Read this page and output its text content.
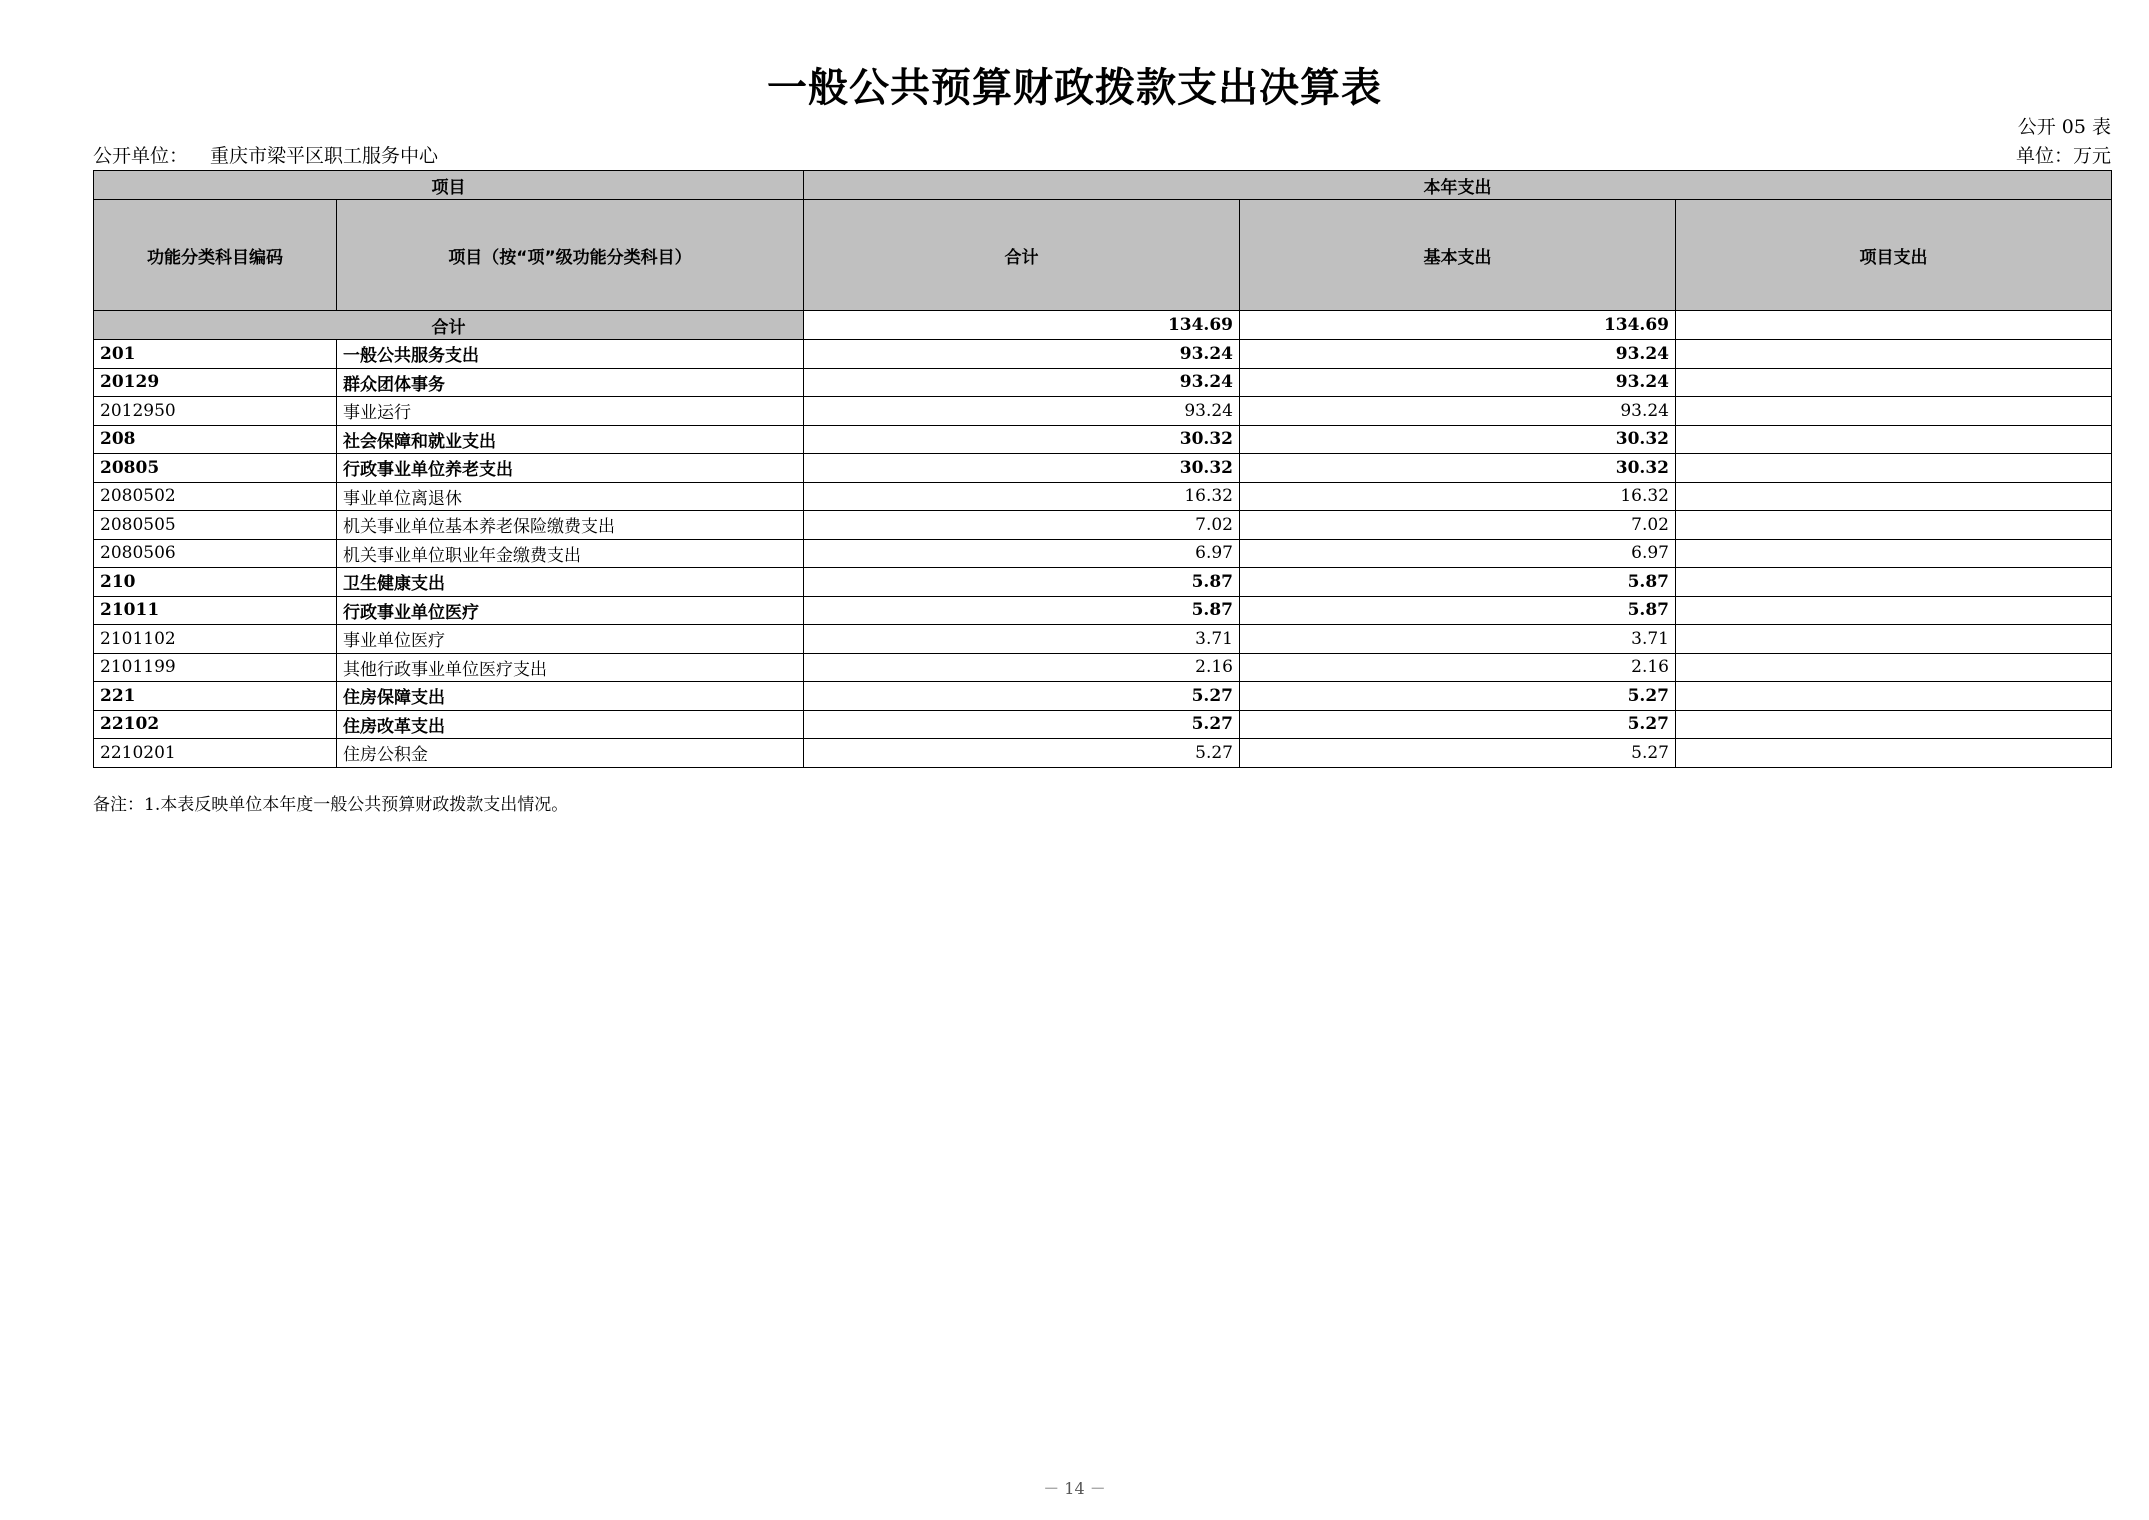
一般公共预算财政拨款支出决算表
公开 05 表
公开单位： 重庆市梁平区职工服务中心	单位：万元
项目		本年支出		
功能分类科目编码	项目（按“项”级功能分类科目）	合计	基本支出	项目支出
合计		134.69	134.69	
201	一般公共服务支出	93.24	93.24	
20129	群众团体事务	93.24	93.24	
2012950	事业运行	93.24	93.24	
208	社会保障和就业支出	30.32	30.32	
20805	行政事业单位养老支出	30.32	30.32	
2080502	事业单位离退休	16.32	16.32	
2080505	机关事业单位基本养老保险缴费支出	7.02	7.02	
2080506	机关事业单位职业年金缴费支出	6.97	6.97	
210	卫生健康支出	5.87	5.87	
21011	行政事业单位医疗	5.87	5.87	
2101102	事业单位医疗	3.71	3.71	
2101199	其他行政事业单位医疗支出	2.16	2.16	
221	住房保障支出	5.27	5.27	
22102	住房改革支出	5.27	5.27	
2210201	住房公积金	5.27	5.27	
备注：1.本表反映单位本年度一般公共预算财政拨款支出情况。
－ 14 －
